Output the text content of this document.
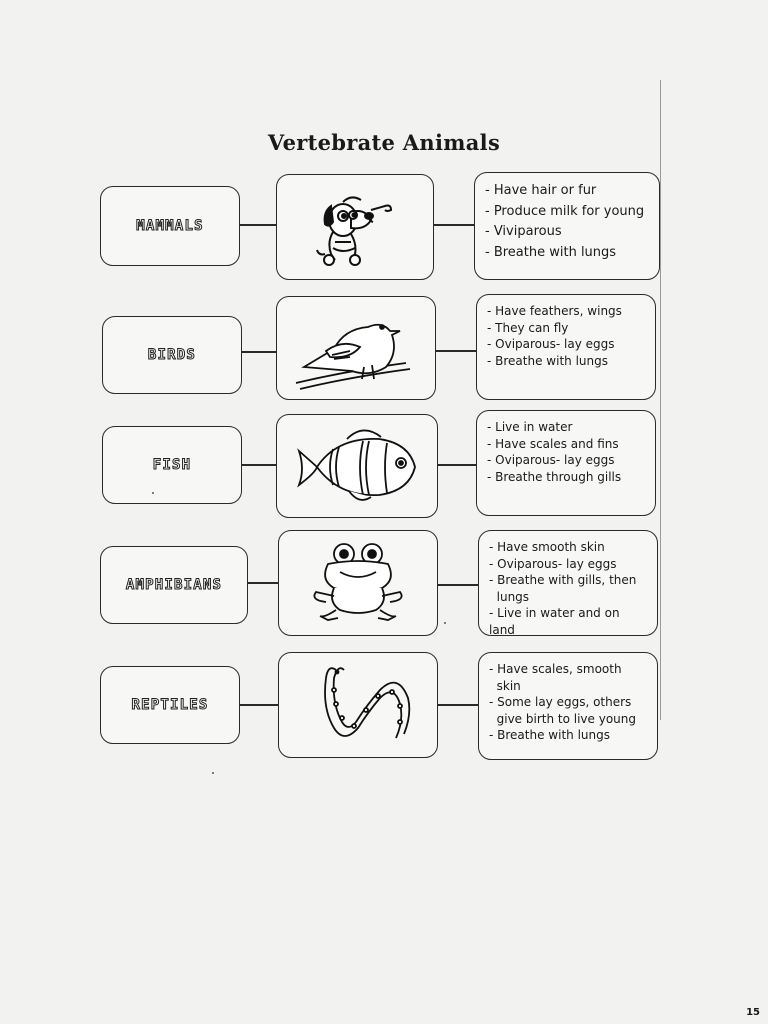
Vertebrate Animals
MAMMALS
- Have hair or fur
- Produce milk for young
- Viviparous
- Breathe with lungs
BIRDS
- Have feathers, wings
- They can fly
- Oviparous- lay eggs
- Breathe with lungs
FISH
- Live in water
- Have scales and fins
- Oviparous- lay eggs
- Breathe through gills
AMPHIBIANS
- Have smooth skin
- Oviparous- lay eggs
- Breathe with gills, then
lungs
- Live in water and on land
REPTILES
- Have scales, smooth
skin
- Some lay eggs, others
give birth to live young
- Breathe with lungs
15
